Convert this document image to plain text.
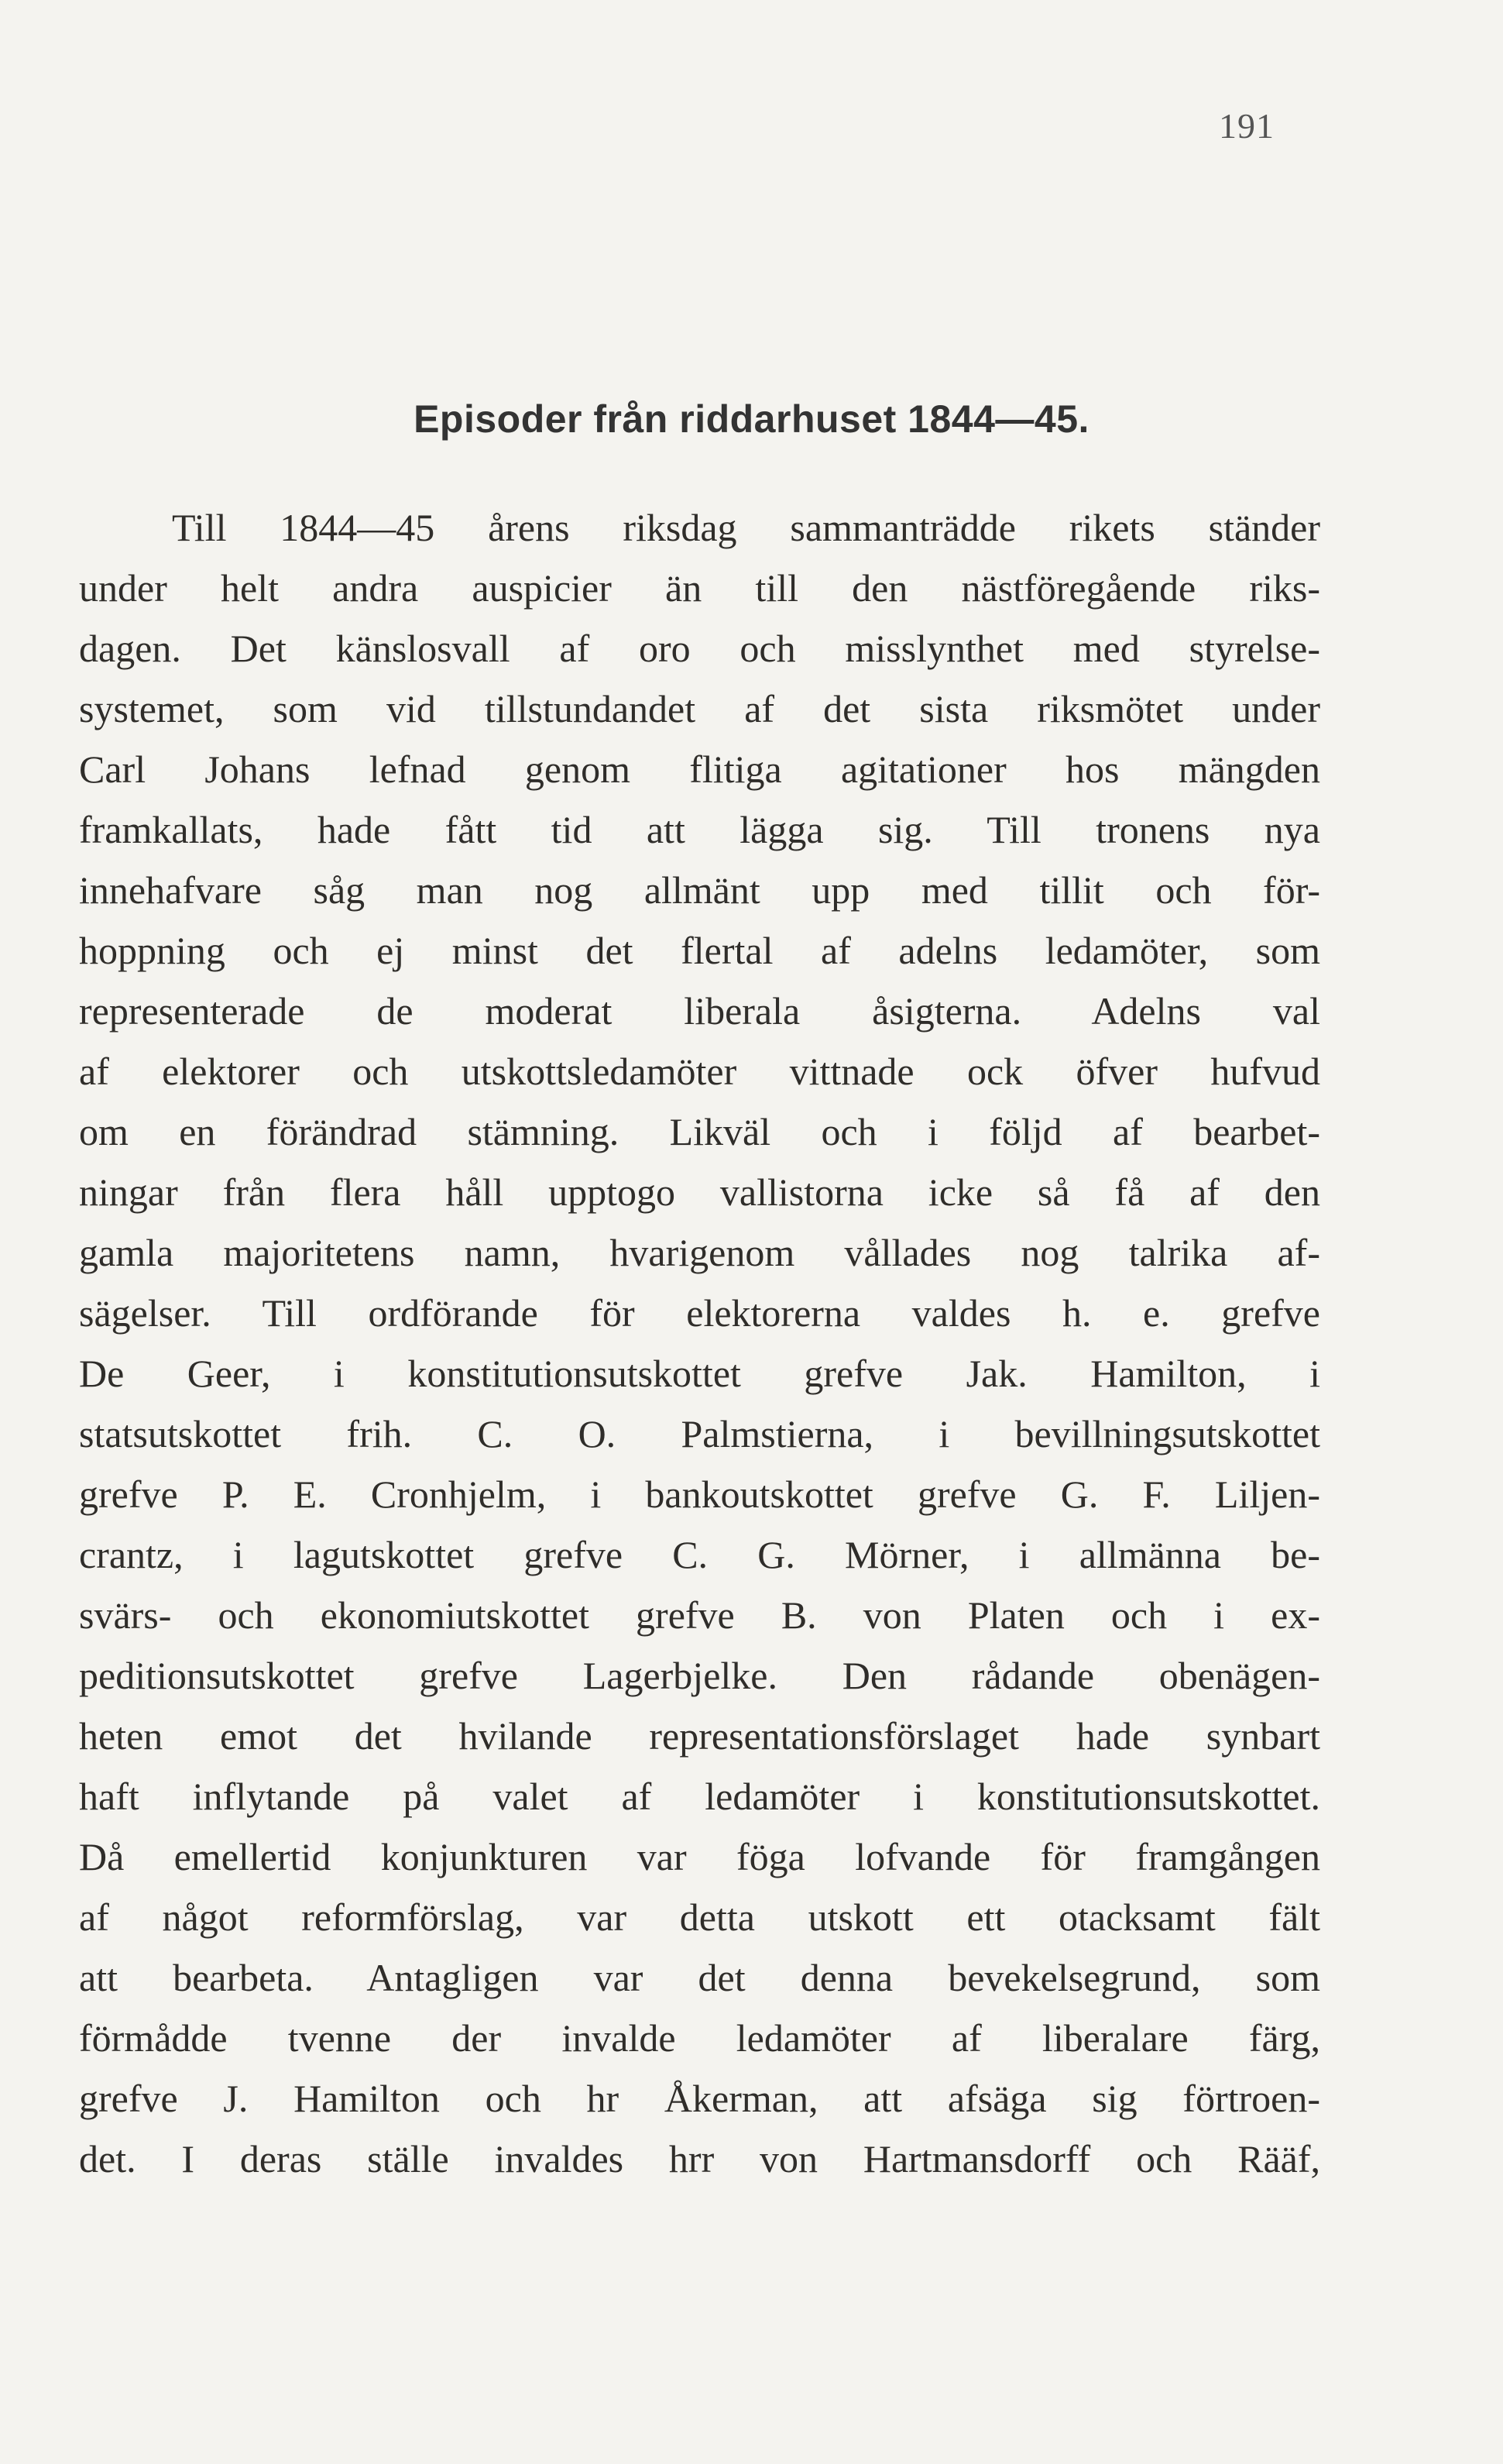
191
Episoder från riddarhuset 1844—45.
Till 1844—45 årens riksdag sammanträdde rikets ständer
under helt andra auspicier än till den nästföregående riks-
dagen. Det känslosvall af oro och misslynthet med styrelse-
systemet, som vid tillstundandet af det sista riksmötet under
Carl Johans lefnad genom flitiga agitationer hos mängden
framkallats, hade fått tid att lägga sig. Till tronens nya
innehafvare såg man nog allmänt upp med tillit och för-
hoppning och ej minst det flertal af adelns ledamöter, som
representerade de moderat liberala åsigterna. Adelns val
af elektorer och utskottsledamöter vittnade ock öfver hufvud
om en förändrad stämning. Likväl och i följd af bearbet-
ningar från flera håll upptogo vallistorna icke så få af den
gamla majoritetens namn, hvarigenom vållades nog talrika af-
sägelser. Till ordförande för elektorerna valdes h. e. grefve
De Geer, i konstitutionsutskottet grefve Jak. Hamilton, i
statsutskottet frih. C. O. Palmstierna, i bevillningsutskottet
grefve P. E. Cronhjelm, i bankoutskottet grefve G. F. Liljen-
crantz, i lagutskottet grefve C. G. Mörner, i allmänna be-
svärs- och ekonomiutskottet grefve B. von Platen och i ex-
peditionsutskottet grefve Lagerbjelke. Den rådande obenägen-
heten emot det hvilande representationsförslaget hade synbart
haft inflytande på valet af ledamöter i konstitutionsutskottet.
Då emellertid konjunkturen var föga lofvande för framgången
af något reformförslag, var detta utskott ett otacksamt fält
att bearbeta. Antagligen var det denna bevekelsegrund, som
förmådde tvenne der invalde ledamöter af liberalare färg,
grefve J. Hamilton och hr Åkerman, att afsäga sig förtroen-
det. I deras ställe invaldes hrr von Hartmansdorff och Rääf,
